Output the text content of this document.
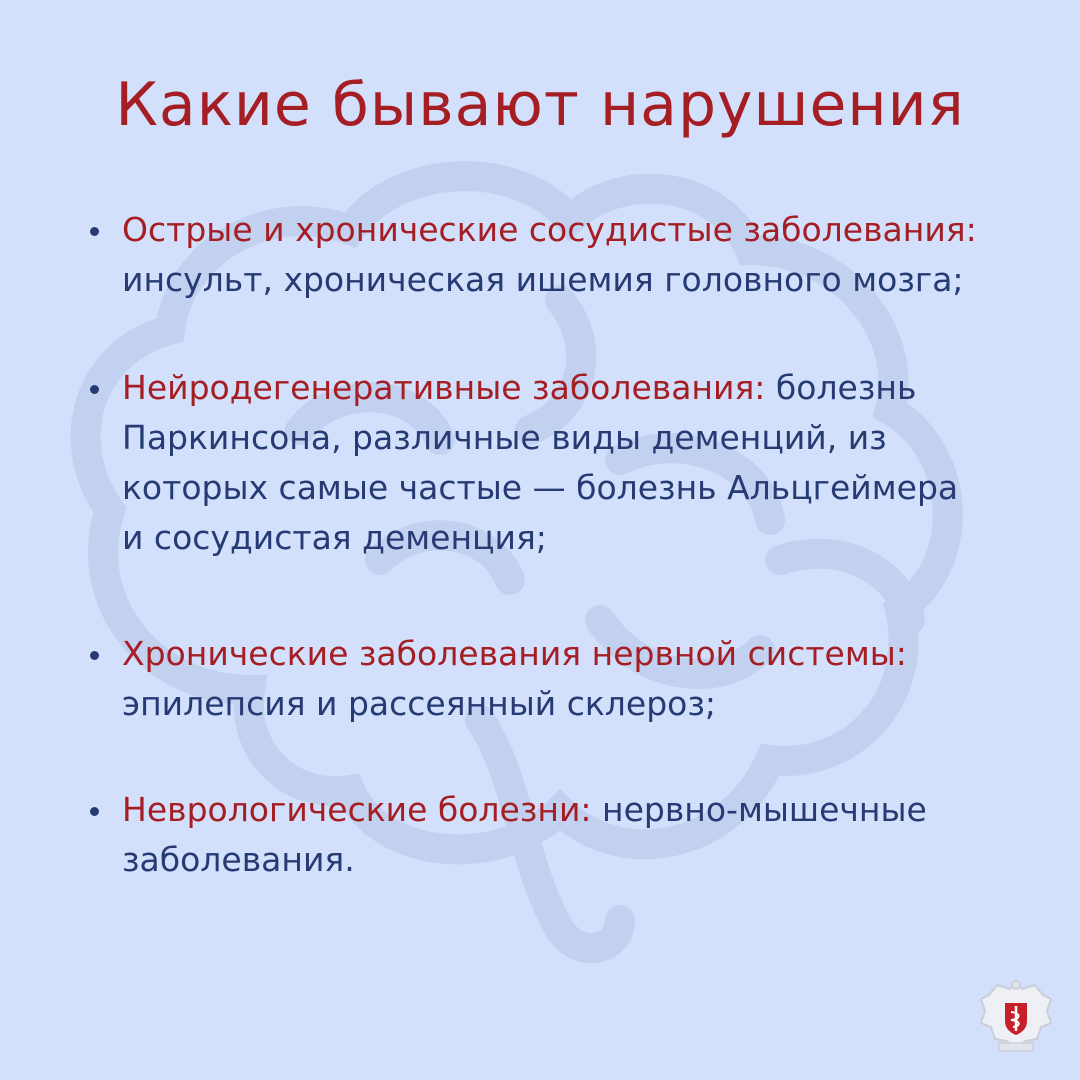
Какие бывают нарушения
Острые и хронические сосудистые заболевания: инсульт, хроническая ишемия головного мозга;
Нейродегенеративные заболевания: болезнь Паркинсона, различные виды деменций, из которых самые частые — болезнь Альцгеймера и сосудистая деменция;
Хронические заболевания нервной системы: эпилепсия и рассеянный склероз;
Неврологические болезни: нервно-мышечные заболевания.
